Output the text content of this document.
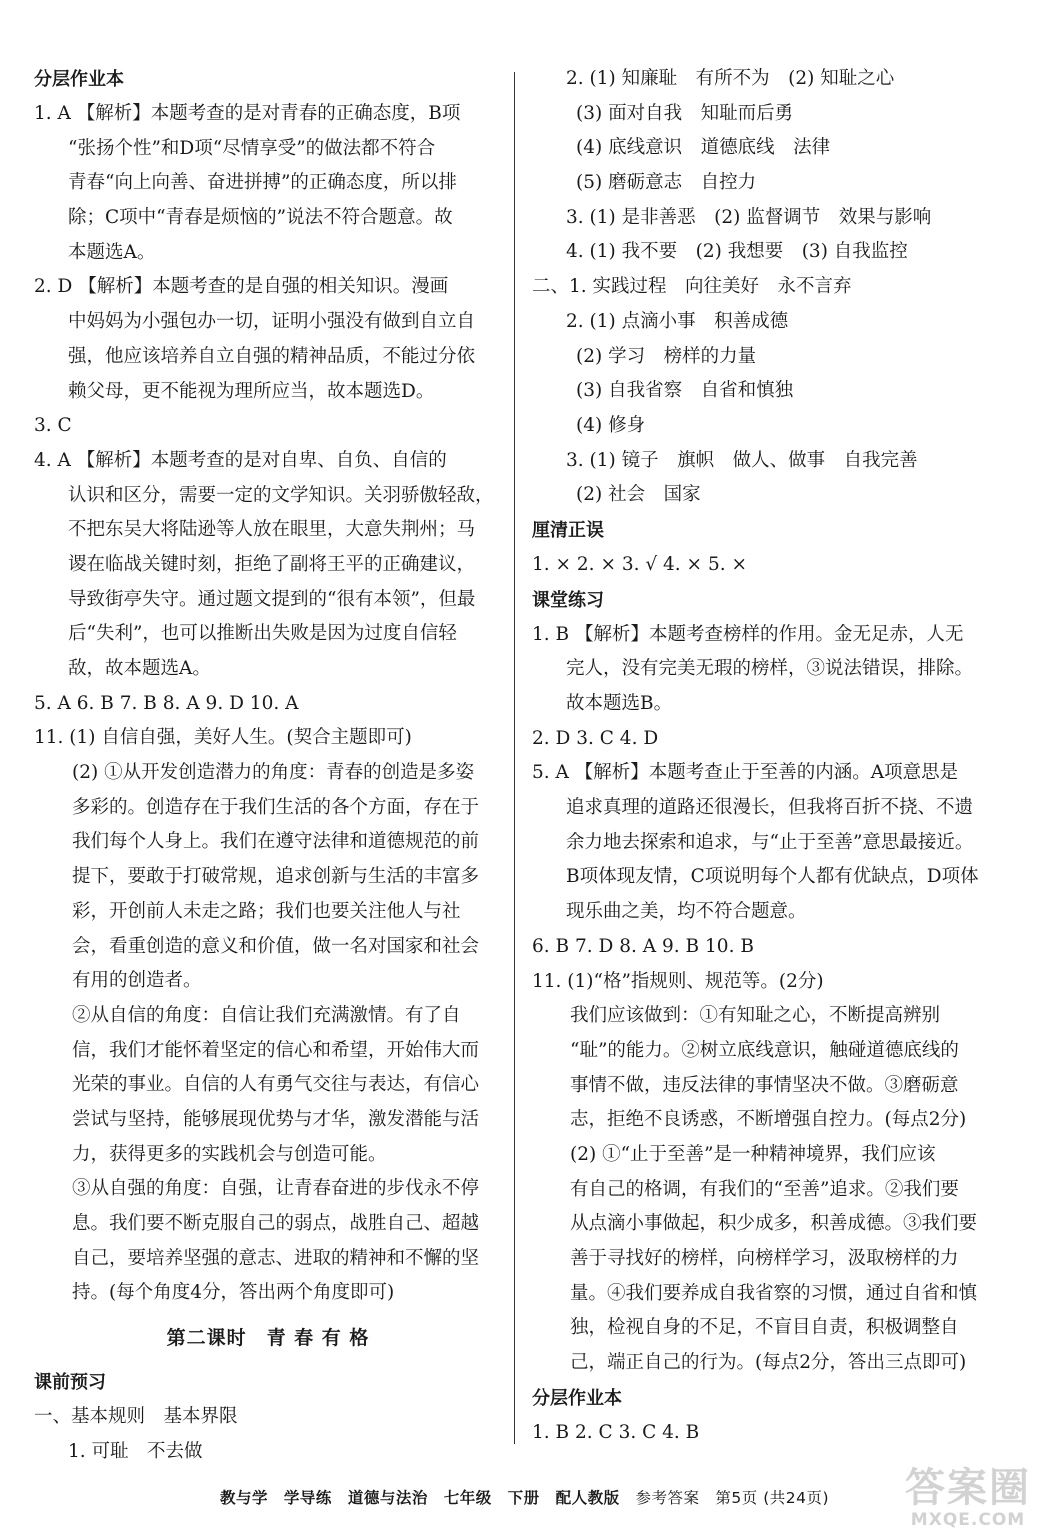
分层作业本
1. A 【解析】本题考查的是对青春的正确态度，B项
“张扬个性”和D项“尽情享受”的做法都不符合
青春“向上向善、奋进拼搏”的正确态度，所以排
除；C项中“青春是烦恼的”说法不符合题意。故
本题选A。
2. D 【解析】本题考查的是自强的相关知识。漫画
中妈妈为小强包办一切，证明小强没有做到自立自
强，他应该培养自立自强的精神品质，不能过分依
赖父母，更不能视为理所应当，故本题选D。
3. C
4. A 【解析】本题考查的是对自卑、自负、自信的
认识和区分，需要一定的文学知识。关羽骄傲轻敌，
不把东吴大将陆逊等人放在眼里，大意失荆州；马
谡在临战关键时刻，拒绝了副将王平的正确建议，
导致街亭失守。通过题文提到的“很有本领”，但最
后“失利”，也可以推断出失败是因为过度自信轻
敌，故本题选A。
5. A 6. B 7. B 8. A 9. D 10. A
11. (1) 自信自强，美好人生。(契合主题即可)
(2) ①从开发创造潜力的角度：青春的创造是多姿
多彩的。创造存在于我们生活的各个方面，存在于
我们每个人身上。我们在遵守法律和道德规范的前
提下，要敢于打破常规，追求创新与生活的丰富多
彩，开创前人未走之路；我们也要关注他人与社
会，看重创造的意义和价值，做一名对国家和社会
有用的创造者。
②从自信的角度：自信让我们充满激情。有了自
信，我们才能怀着坚定的信心和希望，开始伟大而
光荣的事业。自信的人有勇气交往与表达，有信心
尝试与坚持，能够展现优势与才华，激发潜能与活
力，获得更多的实践机会与创造可能。
③从自强的角度：自强，让青春奋进的步伐永不停
息。我们要不断克服自己的弱点，战胜自己、超越
自己，要培养坚强的意志、进取的精神和不懈的坚
持。(每个角度4分，答出两个角度即可)
第二课时　青 春 有 格
课前预习
一、基本规则　基本界限
1. 可耻　不去做
2. (1) 知廉耻　有所不为　(2) 知耻之心
(3) 面对自我　知耻而后勇
(4) 底线意识　道德底线　法律
(5) 磨砺意志　自控力
3. (1) 是非善恶　(2) 监督调节　效果与影响
4. (1) 我不要　(2) 我想要　(3) 自我监控
二、1. 实践过程　向往美好　永不言弃
2. (1) 点滴小事　积善成德
(2) 学习　榜样的力量
(3) 自我省察　自省和慎独
(4) 修身
3. (1) 镜子　旗帜　做人、做事　自我完善
(2) 社会　国家
厘清正误
1. × 2. × 3. √ 4. × 5. ×
课堂练习
1. B 【解析】本题考查榜样的作用。金无足赤，人无
完人，没有完美无瑕的榜样，③说法错误，排除。
故本题选B。
2. D 3. C 4. D
5. A 【解析】本题考查止于至善的内涵。A项意思是
追求真理的道路还很漫长，但我将百折不挠、不遗
余力地去探索和追求，与“止于至善”意思最接近。
B项体现友情，C项说明每个人都有优缺点，D项体
现乐曲之美，均不符合题意。
6. B 7. D 8. A 9. B 10. B
11. (1)“格”指规则、规范等。(2分)
我们应该做到：①有知耻之心，不断提高辨别
“耻”的能力。②树立底线意识，触碰道德底线的
事情不做，违反法律的事情坚决不做。③磨砺意
志，拒绝不良诱惑，不断增强自控力。(每点2分)
(2) ①“止于至善”是一种精神境界，我们应该
有自己的格调，有我们的“至善”追求。②我们要
从点滴小事做起，积少成多，积善成德。③我们要
善于寻找好的榜样，向榜样学习，汲取榜样的力
量。④我们要养成自我省察的习惯，通过自省和慎
独，检视自身的不足，不盲目自责，积极调整自
己，端正自己的行为。(每点2分，答出三点即可)
分层作业本
1. B 2. C 3. C 4. B
教与学 学导练 道德与法治 七年级 下册 配人教版 参考答案 第5页 (共24页)	答案圈
MXQE.COM
